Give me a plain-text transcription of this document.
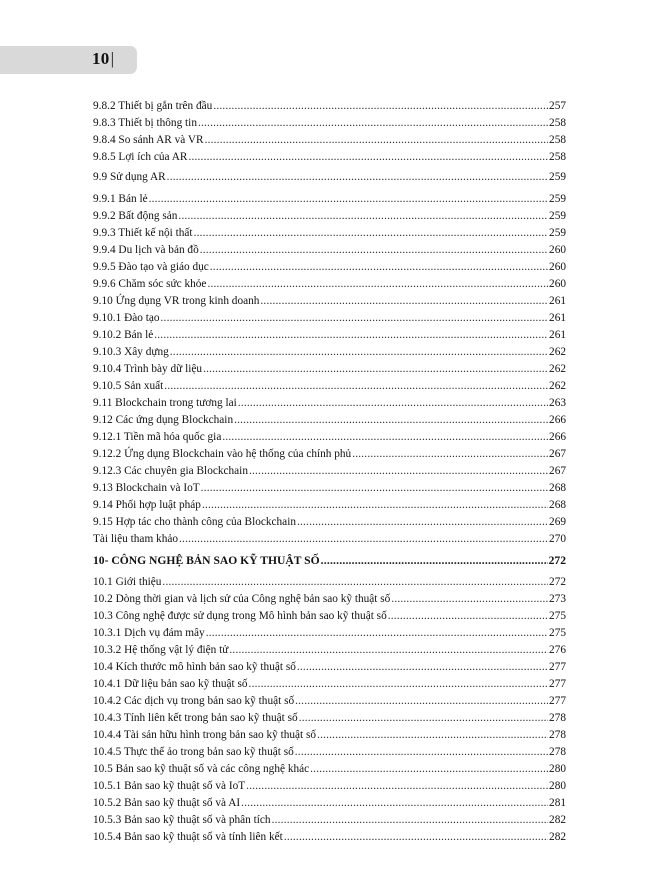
10|
9.8.2 Thiết bị gắn trên đầu .....	257
9.8.3 Thiết bị thông tin .....	258
9.8.4 So sánh AR và VR .....	258
9.8.5 Lợi ích của AR .....	258
9.9 Sử dụng AR .....	259
9.9.1 Bán lẻ .....	259
9.9.2 Bất động sản .....	259
9.9.3 Thiết kế nội thất .....	259
9.9.4 Du lịch và bản đồ .....	260
9.9.5 Đào tạo và giáo dục .....	260
9.9.6 Chăm sóc sức khỏe .....	260
9.10 Ứng dụng VR trong kinh doanh .....	261
9.10.1 Đào tạo .....	261
9.10.2 Bán lẻ .....	261
9.10.3 Xây dựng .....	262
9.10.4 Trình bày dữ liệu .....	262
9.10.5 Sản xuất .....	262
9.11 Blockchain trong tương lai .....	263
9.12 Các ứng dụng Blockchain .....	266
9.12.1 Tiền mã hóa quốc gia .....	266
9.12.2 Ứng dụng Blockchain vào hệ thống của chính phủ .....	267
9.12.3 Các chuyên gia Blockchain .....	267
9.13 Blockchain và IoT .....	268
9.14 Phối hợp luật pháp .....	268
9.15 Hợp tác cho thành công của Blockchain .....	269
Tài liệu tham khảo .....	270
10- CÔNG NGHỆ BẢN SAO KỸ THUẬT SỐ .....	272
10.1 Giới thiệu .....	272
10.2 Dòng thời gian và lịch sử của Công nghệ bản sao kỹ thuật số .....	273
10.3 Công nghệ được sử dụng trong Mô hình bản sao kỹ thuật số .....	275
10.3.1 Dịch vụ đám mây .....	275
10.3.2 Hệ thống vật lý điện tử .....	276
10.4 Kích thước mô hình bản sao kỹ thuật số .....	277
10.4.1 Dữ liệu bản sao kỹ thuật số .....	277
10.4.2 Các dịch vụ trong bản sao kỹ thuật số .....	277
10.4.3 Tính liên kết trong bản sao kỹ thuật số .....	278
10.4.4 Tài sản hữu hình trong bản sao kỹ thuật số .....	278
10.4.5 Thực thể ảo trong bản sao kỹ thuật số .....	278
10.5 Bản sao kỹ thuật số và các công nghệ khác .....	280
10.5.1 Bản sao kỹ thuật số và IoT .....	280
10.5.2 Bản sao kỹ thuật số và AI .....	281
10.5.3 Bản sao kỹ thuật số và phân tích .....	282
10.5.4 Bản sao kỹ thuật số và tính liên kết .....	282
